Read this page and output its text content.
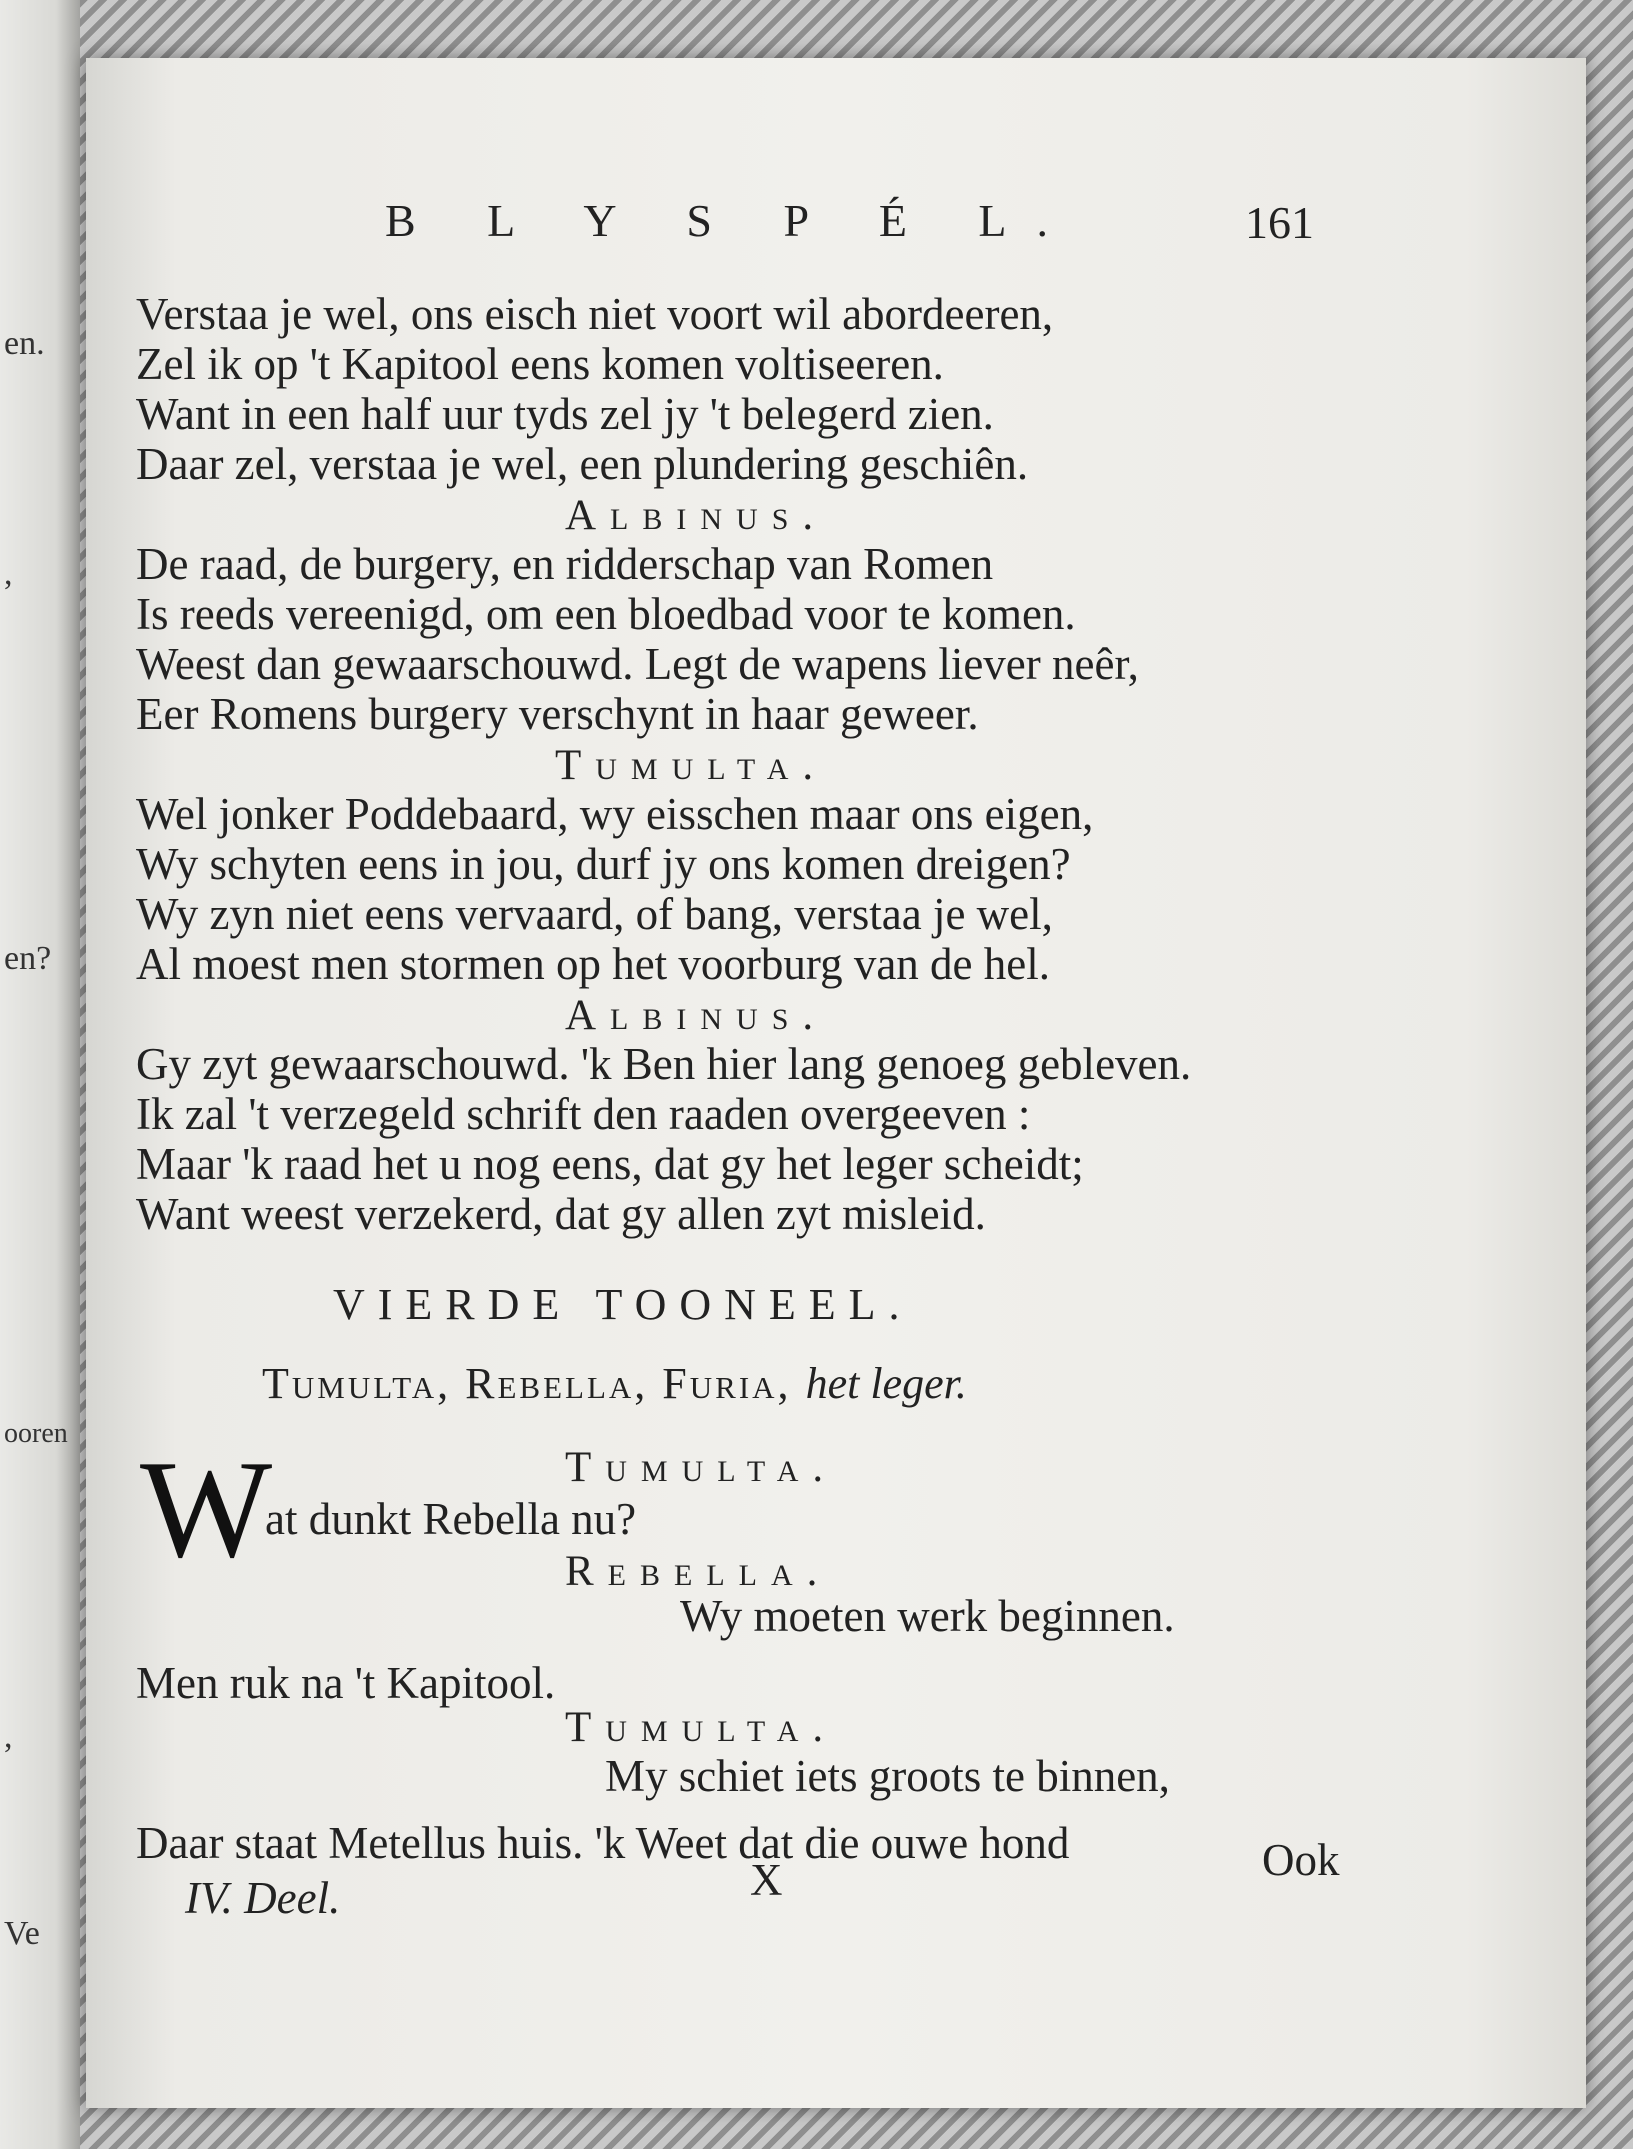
en.
,
en?
ooren
,
Ve
B L Y S P É L.	161
Verstaa je wel, ons eisch niet voort wil abordeeren,
Zel ik op 't Kapitool eens komen voltiseeren.
Want in een half uur tyds zel jy 't belegerd zien.
Daar zel, verstaa je wel, een plundering geschiên.
Albinus.
De raad, de burgery, en ridderschap van Romen
Is reeds vereenigd, om een bloedbad voor te komen.
Weest dan gewaarschouwd. Legt de wapens liever neêr,
Eer Romens burgery verschynt in haar geweer.
Tumulta.
Wel jonker Poddebaard, wy eisschen maar ons eigen,
Wy schyten eens in jou, durf jy ons komen dreigen?
Wy zyn niet eens vervaard, of bang, verstaa je wel,
Al moest men stormen op het voorburg van de hel.
Albinus.
Gy zyt gewaarschouwd. 'k Ben hier lang genoeg gebleven.
Ik zal 't verzegeld schrift den raaden overgeeven :
Maar 'k raad het u nog eens, dat gy het leger scheidt;
Want weest verzekerd, dat gy allen zyt misleid.
VIERDE TOONEEL.
Tumulta, Rebella, Furia, het leger.
Tumulta.
W
at dunkt Rebella nu?
Rebella.
Wy moeten werk beginnen.
Men ruk na 't Kapitool.
Tumulta.
My schiet iets groots te binnen,
Daar staat Metellus huis. 'k Weet dat die ouwe hond
IV. Deel.	X	Ook
